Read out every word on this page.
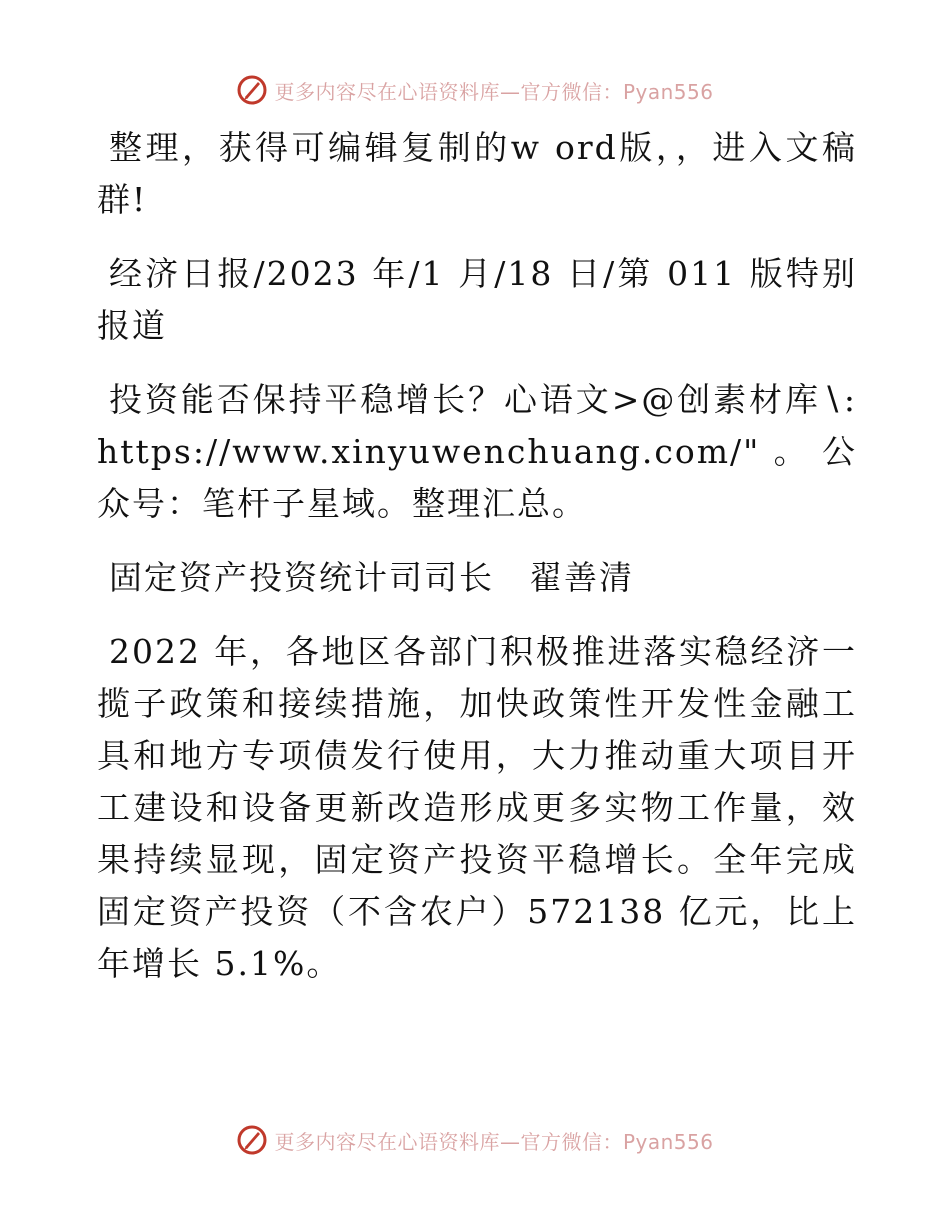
更多内容尽在心语资料库—官方微信：Pyan556

整理，获得可编辑复制的w ord版，，进入文稿群!

经济日报/2023 年/1 月/18 日/第 011 版特别报道

投资能否保持平稳增长？心语文>@创素材库∖: https://www.xinyuwenchuang.com/"。公众号：笔杆子星域。整理汇总。

固定资产投资统计司司长　翟善清

2022 年，各地区各部门积极推进落实稳经济一揽子政策和接续措施，加快政策性开发性金融工具和地方专项债发行使用，大力推动重大项目开工建设和设备更新改造形成更多实物工作量，效果持续显现，固定资产投资平稳增长。全年完成固定资产投资（不含农户）572138 亿元，比上年增长 5.1%。

更多内容尽在心语资料库—官方微信：Pyan556
